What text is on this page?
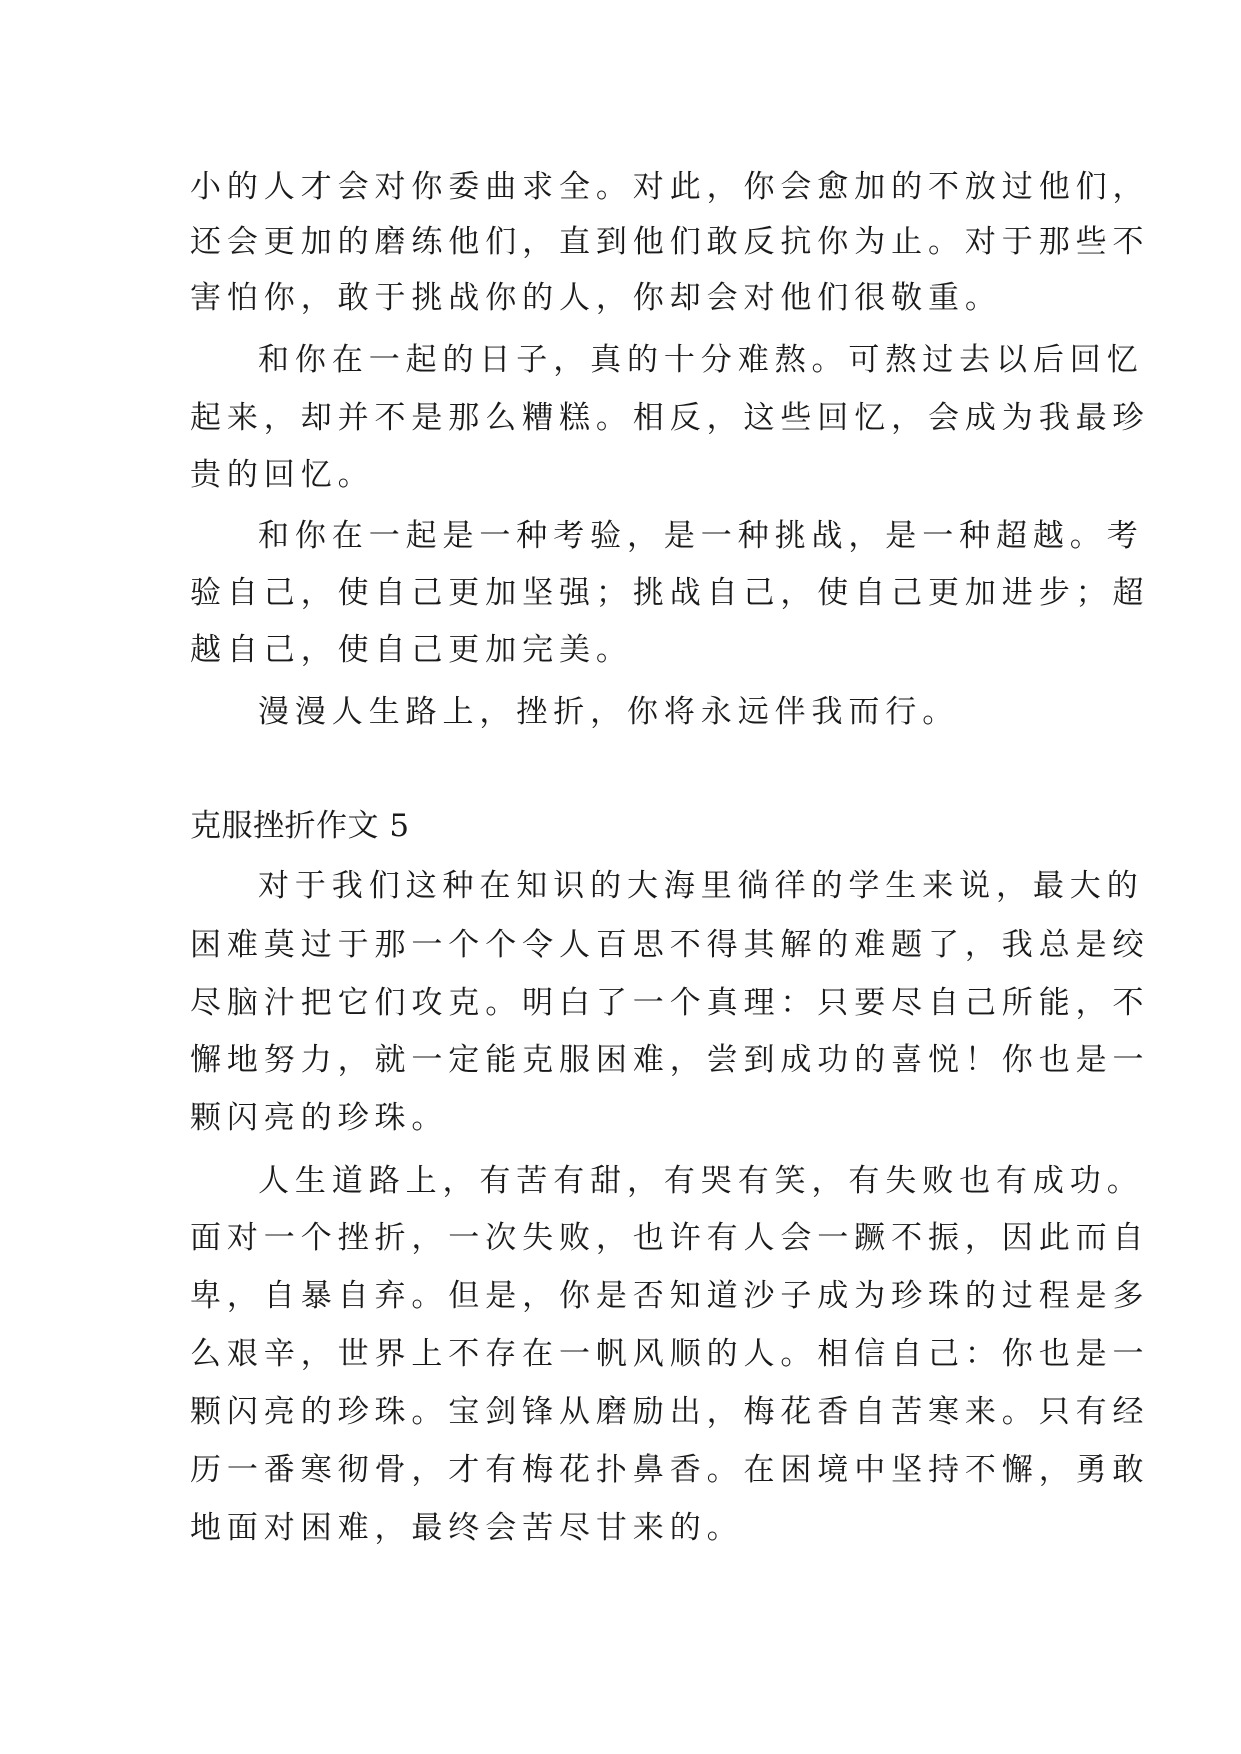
小的人才会对你委曲求全。对此，你会愈加的不放过他们，
还会更加的磨练他们，直到他们敢反抗你为止。对于那些不
害怕你，敢于挑战你的人，你却会对他们很敬重。
和你在一起的日子，真的十分难熬。可熬过去以后回忆
起来，却并不是那么糟糕。相反，这些回忆，会成为我最珍
贵的回忆。
和你在一起是一种考验，是一种挑战，是一种超越。考
验自己，使自己更加坚强；挑战自己，使自己更加进步；超
越自己，使自己更加完美。
漫漫人生路上，挫折，你将永远伴我而行。
克服挫折作文 5
对于我们这种在知识的大海里徜徉的学生来说，最大的
困难莫过于那一个个令人百思不得其解的难题了，我总是绞
尽脑汁把它们攻克。明白了一个真理：只要尽自己所能，不
懈地努力，就一定能克服困难，尝到成功的喜悦！你也是一
颗闪亮的珍珠。
人生道路上，有苦有甜，有哭有笑，有失败也有成功。
面对一个挫折，一次失败，也许有人会一蹶不振，因此而自
卑，自暴自弃。但是，你是否知道沙子成为珍珠的过程是多
么艰辛，世界上不存在一帆风顺的人。相信自己：你也是一
颗闪亮的珍珠。宝剑锋从磨励出，梅花香自苦寒来。只有经
历一番寒彻骨，才有梅花扑鼻香。在困境中坚持不懈，勇敢
地面对困难，最终会苦尽甘来的。
